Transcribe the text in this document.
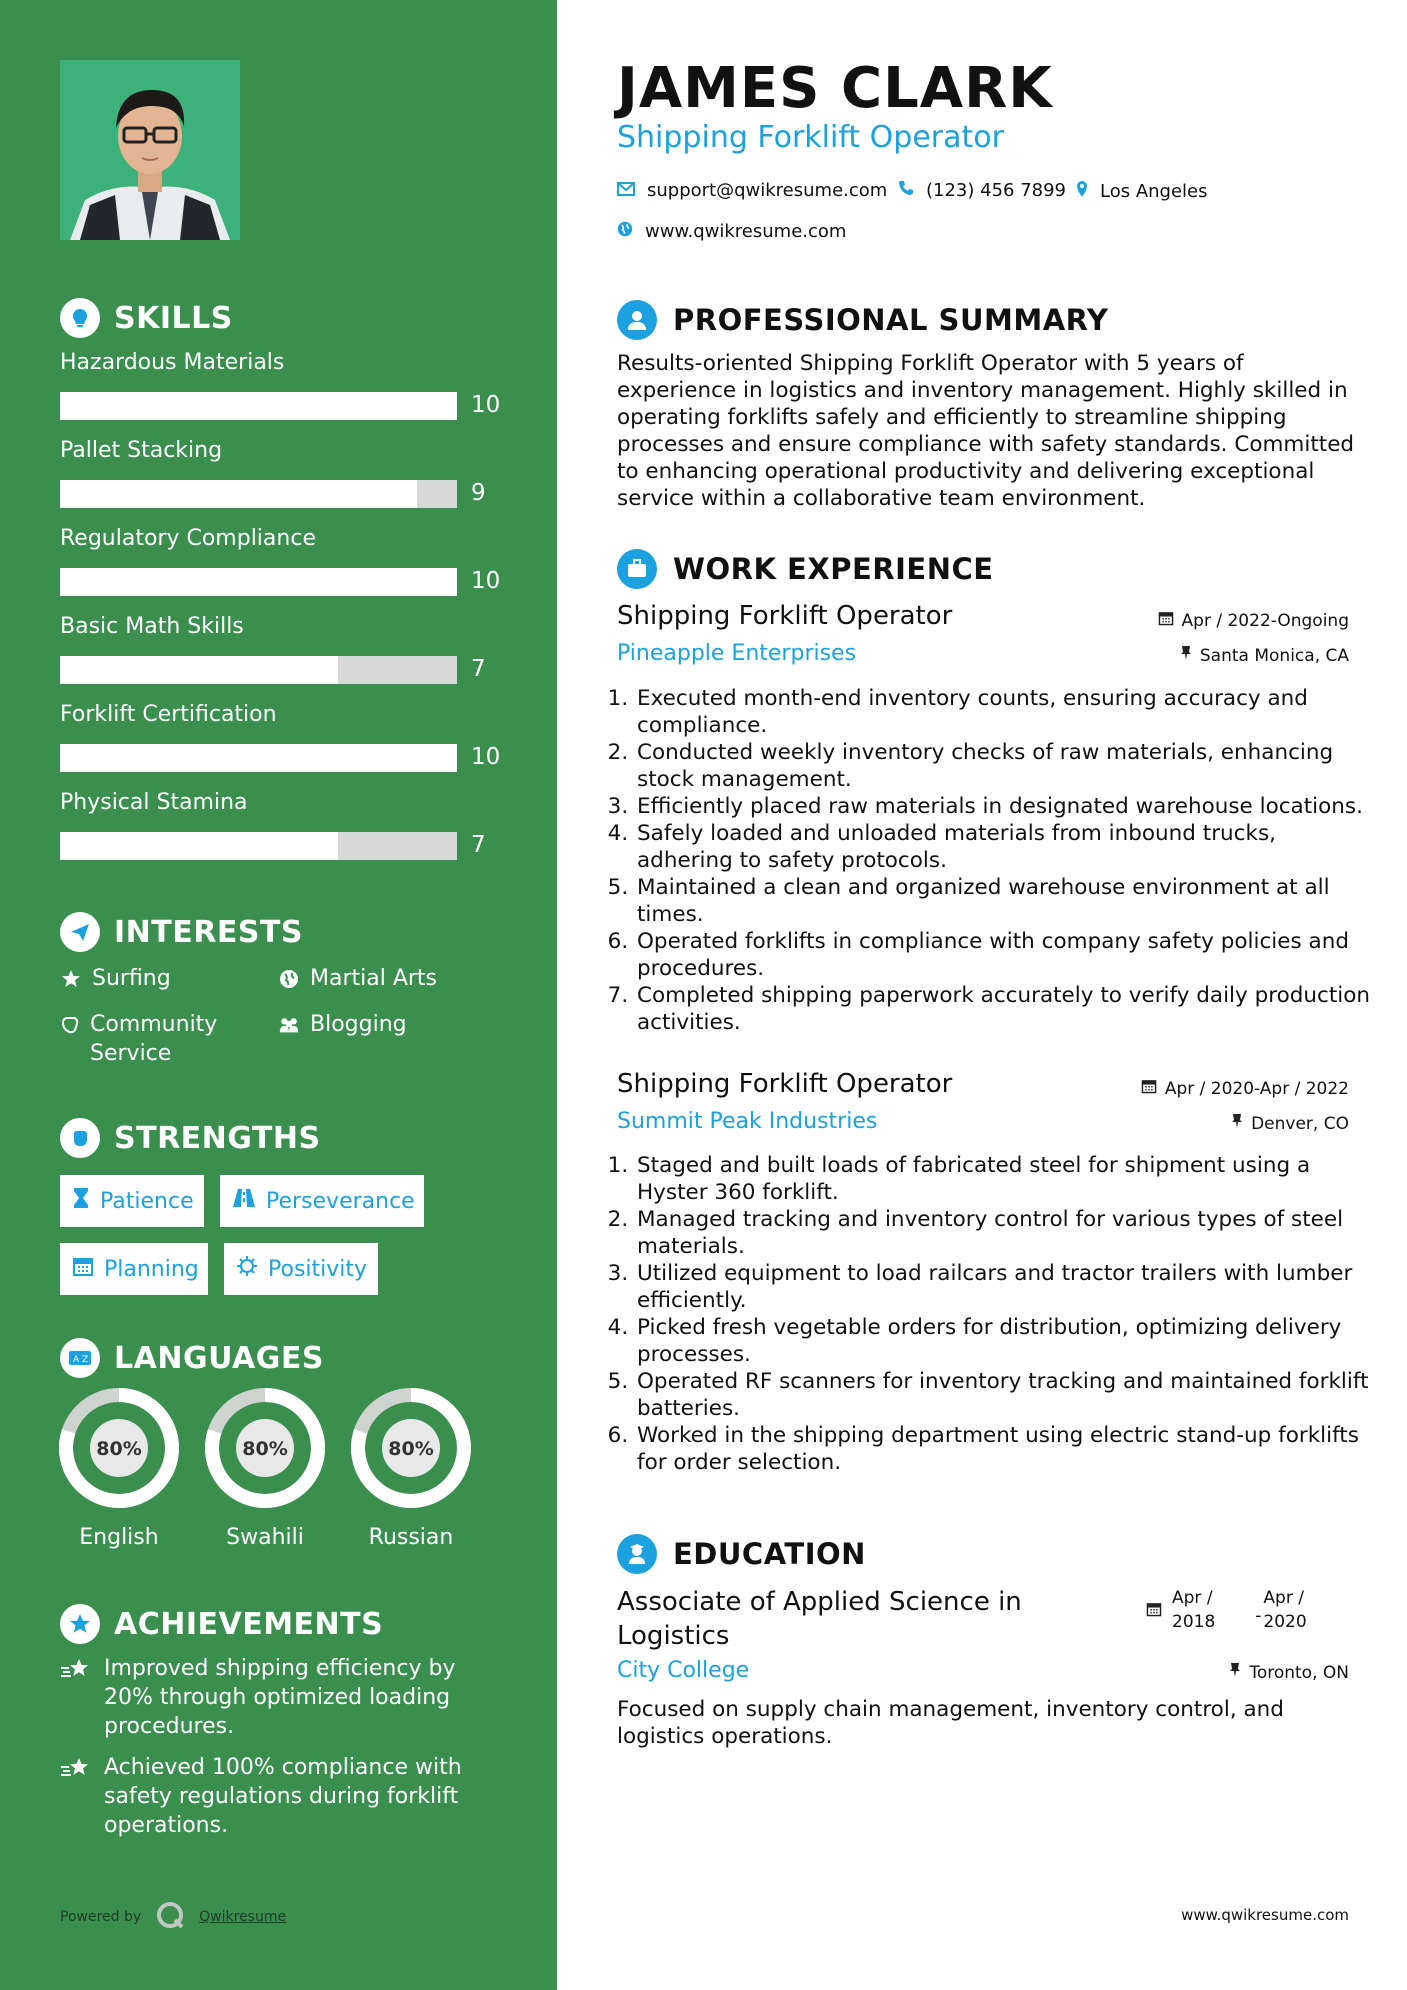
SKILLS
Hazardous Materials
10
Pallet Stacking
9
Regulatory Compliance
10
Basic Math Skills
7
Forklift Certification
10
Physical Stamina
7
INTERESTS
Surfing	Martial Arts
Community Service
Blogging
STRENGTHS
Patience	Perseverance
Planning	Positivity
A Z LANGUAGES
80%
English
80%
Swahili
80%
Russian
ACHIEVEMENTS
Improved shipping efficiency by 20% through optimized loading procedures.
Achieved 100% compliance with safety regulations during forklift operations.
Powered by	Qwikresume
JAMES CLARK
Shipping Forklift Operator
support@qwikresume.com (123) 456 7899 Los Angeles
www.qwikresume.com
PROFESSIONAL SUMMARY
Results-oriented Shipping Forklift Operator with 5 years of experience in logistics and inventory management. Highly skilled in operating forklifts safely and efficiently to streamline shipping processes and ensure compliance with safety standards. Committed to enhancing operational productivity and delivering exceptional service within a collaborative team environment.
WORK EXPERIENCE
Shipping Forklift Operator
Pineapple Enterprises
Apr / 2022-Ongoing
Santa Monica, CA
1. Executed month-end inventory counts, ensuring accuracy and compliance.
2. Conducted weekly inventory checks of raw materials, enhancing stock management.
3. Efficiently placed raw materials in designated warehouse locations.
4. Safely loaded and unloaded materials from inbound trucks, adhering to safety protocols.
5. Maintained a clean and organized warehouse environment at all times.
6. Operated forklifts in compliance with company safety policies and procedures.
7. Completed shipping paperwork accurately to verify daily production activities.
Shipping Forklift Operator
Summit Peak Industries
Apr / 2020-Apr / 2022
Denver, CO
1. Staged and built loads of fabricated steel for shipment using a Hyster 360 forklift.
2. Managed tracking and inventory control for various types of steel materials.
3. Utilized equipment to load railcars and tractor trailers with lumber efficiently.
4. Picked fresh vegetable orders for distribution, optimizing delivery processes.
5. Operated RF scanners for inventory tracking and maintained forklift batteries.
6. Worked in the shipping department using electric stand-up forklifts for order selection.
EDUCATION
Associate of Applied Science in
Logistics
City College
Apr /
2018 -
Apr /
2020
Toronto, ON
Focused on supply chain management, inventory control, and logistics operations.
www.qwikresume.com
